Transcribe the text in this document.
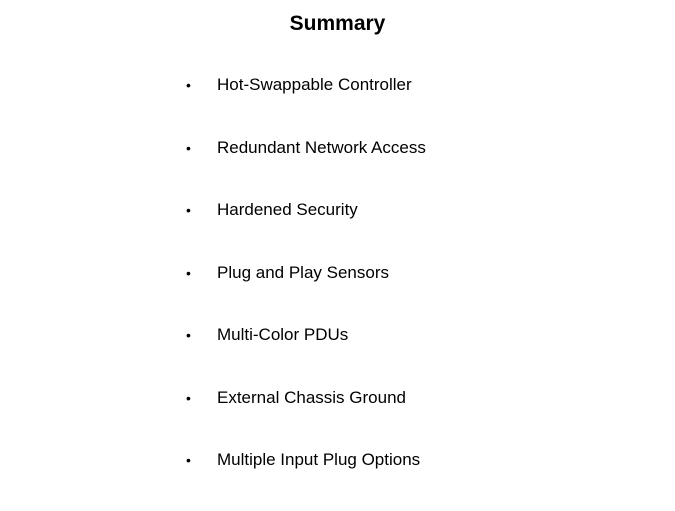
Summary
• Hot-Swappable Controller
• Redundant Network Access
• Hardened Security
• Plug and Play Sensors
• Multi-Color PDUs
• External Chassis Ground
• Multiple Input Plug Options
